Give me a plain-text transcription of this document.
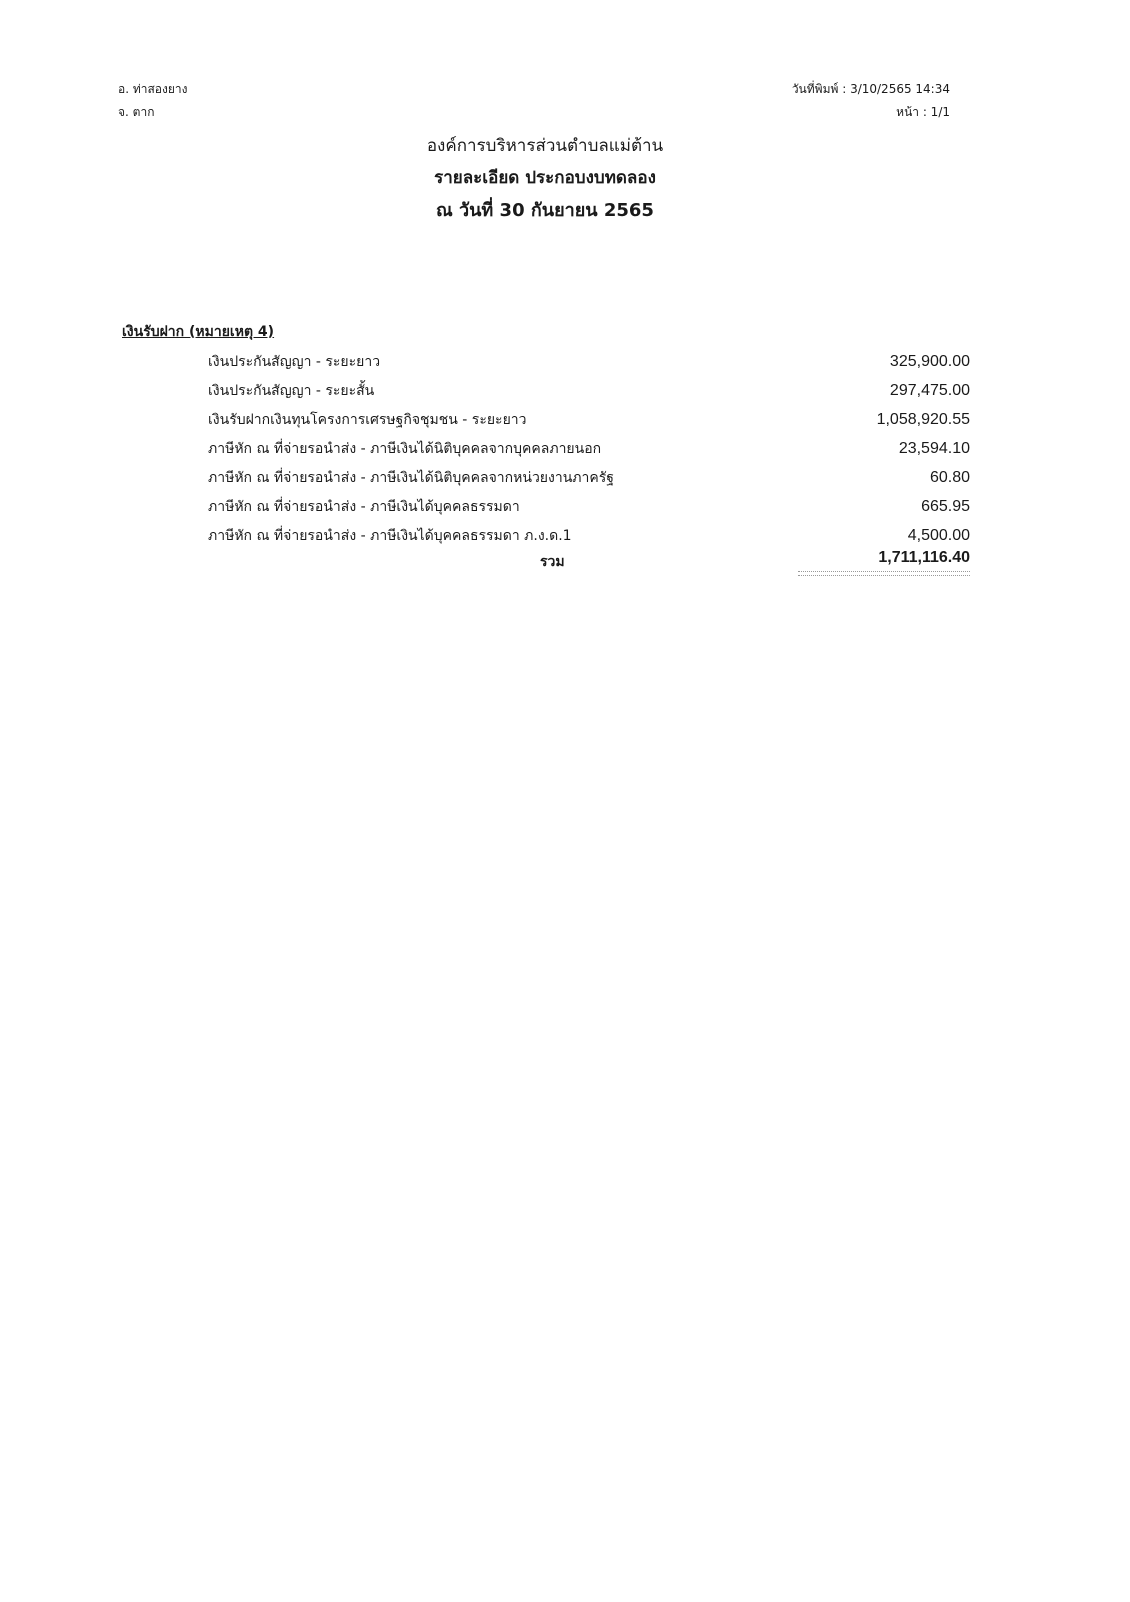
อ. ท่าสองยาง
จ. ตาก
วันที่พิมพ์ : 3/10/2565 14:34
หน้า : 1/1
องค์การบริหารส่วนตำบลแม่ต้าน
รายละเอียด ประกอบงบทดลอง
ณ วันที่ 30 กันยายน 2565
เงินรับฝาก (หมายเหตุ 4)
เงินประกันสัญญา - ระยะยาว	325,900.00
เงินประกันสัญญา - ระยะสั้น	297,475.00
เงินรับฝากเงินทุนโครงการเศรษฐกิจชุมชน - ระยะยาว	1,058,920.55
ภาษีหัก ณ ที่จ่ายรอนำส่ง - ภาษีเงินได้นิติบุคคลจากบุคคลภายนอก	23,594.10
ภาษีหัก ณ ที่จ่ายรอนำส่ง - ภาษีเงินได้นิติบุคคลจากหน่วยงานภาครัฐ	60.80
ภาษีหัก ณ ที่จ่ายรอนำส่ง - ภาษีเงินได้บุคคลธรรมดา	665.95
ภาษีหัก ณ ที่จ่ายรอนำส่ง - ภาษีเงินได้บุคคลธรรมดา ภ.ง.ด.1	4,500.00
รวม	1,711,116.40
